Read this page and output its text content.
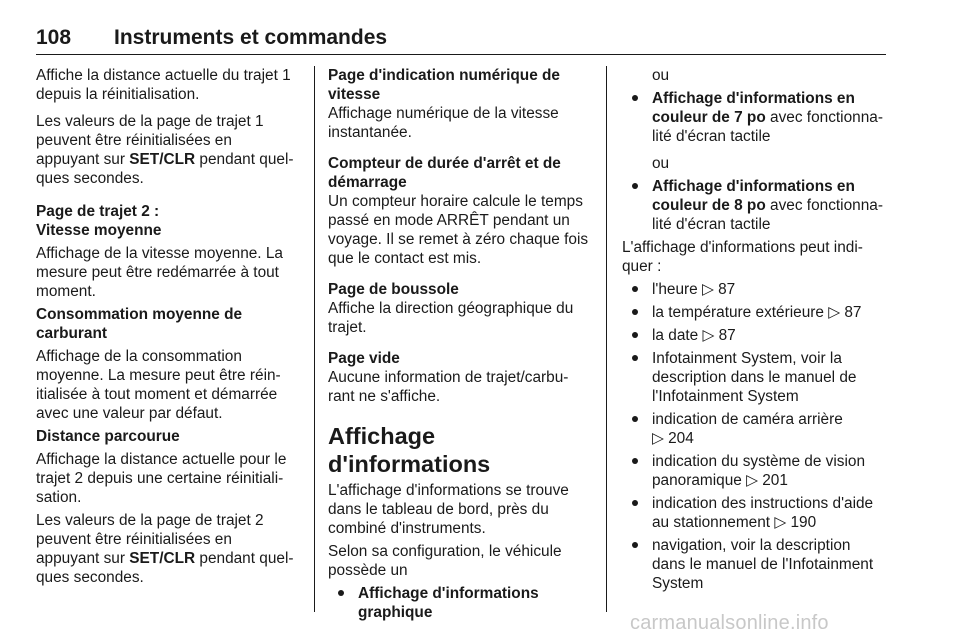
108 Instruments et commandes

Affiche la distance actuelle du trajet 1
depuis la réinitialisation.

Les valeurs de la page de trajet 1
peuvent être réinitialisées en
appuyant sur SET/CLR pendant quel-
ques secondes.

Page de trajet 2 :

Vitesse moyenne

Affichage de la vitesse moyenne. La
mesure peut être redémarrée à tout
moment.

Consommation moyenne de
carburant

Affichage de la consommation
moyenne. La mesure peut être réin-
itialisée à tout moment et démarrée
avec une valeur par défaut.

Distance parcourue

Affichage la distance actuelle pour le
trajet 2 depuis une certaine réinitiali-
sation.

Les valeurs de la page de trajet 2
peuvent être réinitialisées en
appuyant sur SET/CLR pendant quel-
ques secondes.

Page d'indication numérique de
vitesse

Affichage numérique de la vitesse
instantanée.

Compteur de durée d'arrêt et de
démarrage

Un compteur horaire calcule le temps
passé en mode ARRÊT pendant un
voyage. Il se remet à zéro chaque fois
que le contact est mis.

Page de boussole

Affiche la direction géographique du
trajet.

Page vide

Aucune information de trajet/carbu-
rant ne s'affiche.

Affichage d'informations

L'affichage d'informations se trouve
dans le tableau de bord, près du
combiné d'instruments.

Selon sa configuration, le véhicule
possède un

Affichage d'informations
graphique

ou

Affichage d'informations en
couleur de 7 po avec fonctionna-
lité d'écran tactile

ou

Affichage d'informations en
couleur de 8 po avec fonctionna-
lité d'écran tactile

L'affichage d'informations peut indi-
quer :

l'heure ▷ 87

la température extérieure ▷ 87

la date ▷ 87

Infotainment System, voir la
description dans le manuel de
l'Infotainment System

indication de caméra arrière
▷ 204

indication du système de vision
panoramique ▷ 201

indication des instructions d'aide
au stationnement ▷ 190

navigation, voir la description
dans le manuel de l'Infotainment
System

carmanualsonline.info
